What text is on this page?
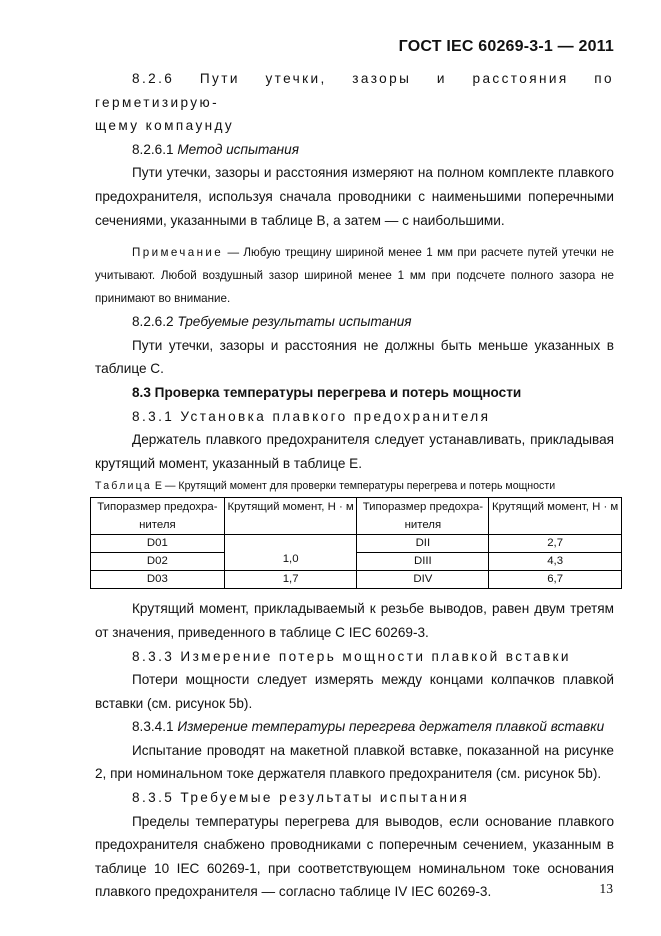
ГОСТ IEC 60269-3-1 — 2011
8.2.6 Пути утечки, зазоры и расстояния по герметизирую-
щему компаунду
8.2.6.1 Метод испытания
Пути утечки, зазоры и расстояния измеряют на полном комплекте плавкого предохранителя, используя сначала проводники с наименьшими поперечными сечениями, указанными в таблице B, а затем — с наибольшими.
Примечание — Любую трещину шириной менее 1 мм при расчете путей утечки не учитывают. Любой воздушный зазор шириной менее 1 мм при подсчете полного зазора не принимают во внимание.
8.2.6.2 Требуемые результаты испытания
Пути утечки, зазоры и расстояния не должны быть меньше указанных в таблице С.
8.3 Проверка температуры перегрева и потерь мощности
8.3.1 Установка плавкого предохранителя
Держатель плавкого предохранителя следует устанавливать, прикладывая крутящий момент, указанный в таблице E.
Таблица E — Крутящий момент для проверки температуры перегрева и потерь мощности
Типоразмер предохра-нителя	Крутящий момент, Н · м	Типоразмер предохра-нителя	Крутящий момент, Н · м
D01	1,0	DII	2,7
D02		DIII	4,3
D03	1,7	DIV	6,7
Крутящий момент, прикладываемый к резьбе выводов, равен двум третям от значения, приведенного в таблице С IEC 60269-3.
8.3.3 Измерение потерь мощности плавкой вставки
Потери мощности следует измерять между концами колпачков плавкой вставки (см. рисунок 5b).
8.3.4.1 Измерение температуры перегрева держателя плавкой вставки
Испытание проводят на макетной плавкой вставке, показанной на рисунке 2, при номинальном токе держателя плавкого предохранителя (см. рисунок 5b).
8.3.5 Требуемые результаты испытания
Пределы температуры перегрева для выводов, если основание плавкого предохранителя снабжено проводниками с поперечным сечением, указанным в таблице 10 IEC 60269-1, при соответствующем номинальном токе основания плавкого предохранителя — согласно таблице IV IEC 60269-3.	13
